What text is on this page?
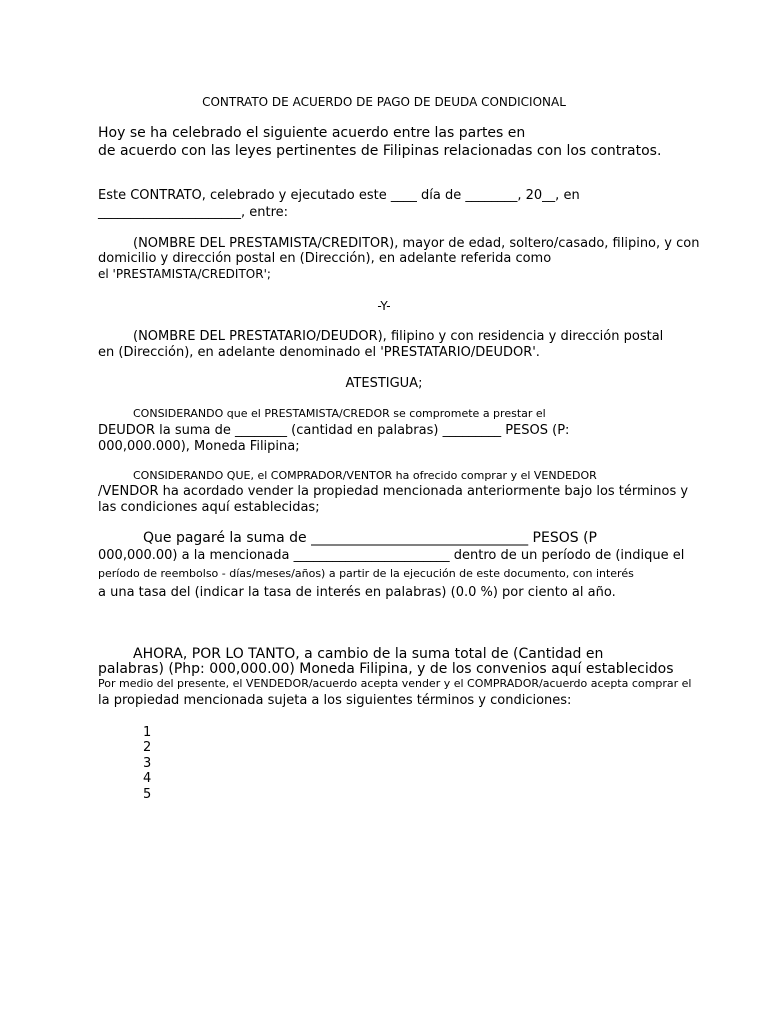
CONTRATO DE ACUERDO DE PAGO DE DEUDA CONDICIONAL
Hoy se ha celebrado el siguiente acuerdo entre las partes en
de acuerdo con las leyes pertinentes de Filipinas relacionadas con los contratos.
Este CONTRATO, celebrado y ejecutado este ____ día de ________, 20__, en
______________________, entre:
(NOMBRE DEL PRESTAMISTA/CREDITOR), mayor de edad, soltero/casado, filipino, y con
domicilio y dirección postal en (Dirección), en adelante referida como
el 'PRESTAMISTA/CREDITOR';
-Y-
(NOMBRE DEL PRESTATARIO/DEUDOR), filipino y con residencia y dirección postal
en (Dirección), en adelante denominado el 'PRESTATARIO/DEUDOR'.
ATESTIGUA;
CONSIDERANDO que el PRESTAMISTA/CREDOR se compromete a prestar el
DEUDOR la suma de ________ (cantidad en palabras) _________ PESOS (P:
000,000.000), Moneda Filipina;
CONSIDERANDO QUE, el COMPRADOR/VENTOR ha ofrecido comprar y el VENDEDOR
/VENDOR ha acordado vender la propiedad mencionada anteriormente bajo los términos y
las condiciones aquí establecidas;
Que pagaré la suma de _______________________________ PESOS (P
000,000.00) a la mencionada ________________________ dentro de un período de (indique el
período de reembolso - días/meses/años) a partir de la ejecución de este documento, con interés
a una tasa del (indicar la tasa de interés en palabras) (0.0 %) por ciento al año.
AHORA, POR LO TANTO, a cambio de la suma total de (Cantidad en
palabras) (Php: 000,000.00) Moneda Filipina, y de los convenios aquí establecidos
Por medio del presente, el VENDEDOR/acuerdo acepta vender y el COMPRADOR/acuerdo acepta comprar el
la propiedad mencionada sujeta a los siguientes términos y condiciones:
1
2
3
4
5
